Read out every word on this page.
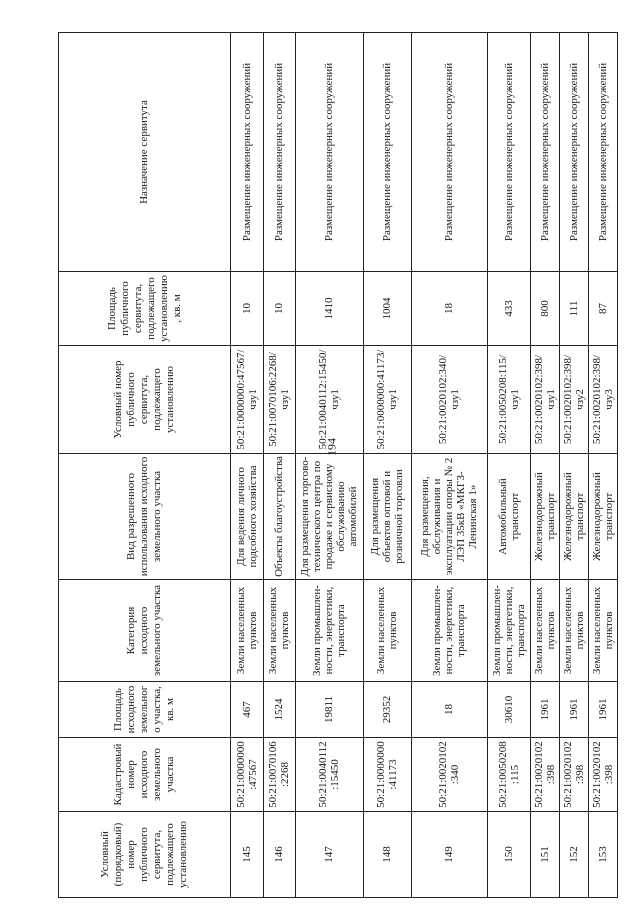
194
Условный (порядковый) номер публичного сервитута, подлежащего установлению	Кадастровый номер исходного земельного участка	Площадь исходного земельного участка, кв. м	Категория исходного земельного участка	Вид разрешенного использования исходного земельного участка	Условный номер публичного сервитута, подлежащего установлению	Площадь публичного сервитута, подлежащего установлению, кв. м	Назначение сервитута
145	50:21:0000000:47567	467	Земли населенных пунктов	Для ведения личного подсобного хозяйства	50:21:0000000:47567/чзу1	10	Размещение инженерных сооружений
146	50:21:0070106:2268	1524	Земли населенных пунктов	Объекты благоустройства	50:21:0070106:2268/чзу1	10	Размещение инженерных сооружений
147	50:21:0040112:15450	19811	Земли промышлен-ности, энергетики, транспорта	Для размещения торгово-технического центра по продаже и сервисному обслуживанию автомобилей	50:21:0040112:15450/чзу1	1410	Размещение инженерных сооружений
148	50:21:0000000:41173	29352	Земли населенных пунктов	Для размещения объектов оптовой и розничной торговли	50:21:0000000:41173/чзу1	1004	Размещение инженерных сооружений
149	50:21:0020102:340	18	Земли промышлен-ности, энергетики, транспорта	Для размещения, обслуживания и эксплуатации опоры № 2 ЛЭП 35кВ «МКГЗ-Ленинская 1»	50:21:0020102:340/чзу1	18	Размещение инженерных сооружений
150	50:21:0050208:115	30610	Земли промышлен-ности, энергетики, транспорта	Автомобильный транспорт	50:21:0050208:115/чзу1	433	Размещение инженерных сооружений
151	50:21:0020102:398	1961	Земли населенных пунктов	Железнодорожный транспорт	50:21:0020102:398/чзу1	800	Размещение инженерных сооружений
152	50:21:0020102:398	1961	Земли населенных пунктов	Железнодорожный транспорт	50:21:0020102:398/чзу2	111	Размещение инженерных сооружений
153	50:21:0020102:398	1961	Земли населенных пунктов	Железнодорожный транспорт	50:21:0020102:398/чзу3	87	Размещение инженерных сооружений
